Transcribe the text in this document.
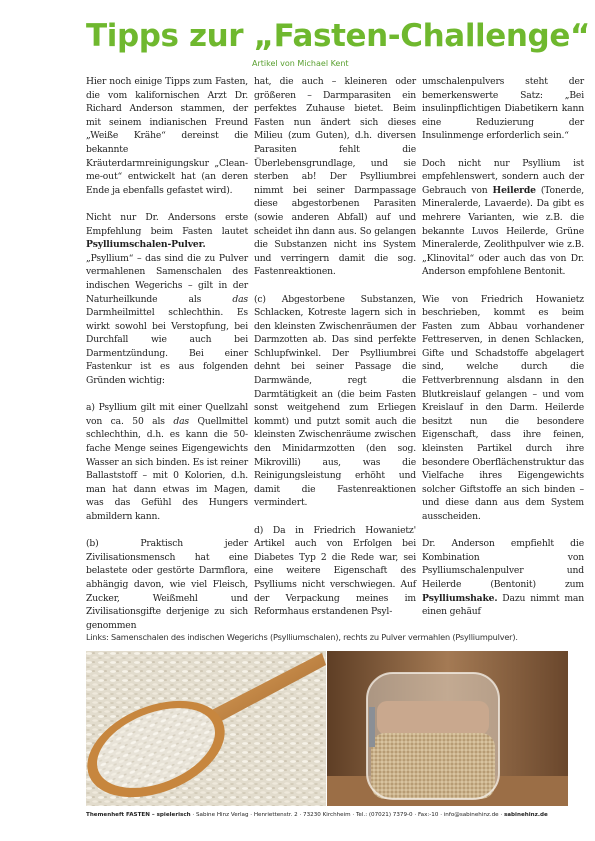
Tipps zur „Fasten-Challenge“
Artikel von Michael Kent

Hier noch einige Tipps zum Fasten, die vom kalifornischen Arzt Dr. Richard Anderson stammen, der mit seinem indianischen Freund „Weiße Krähe“ dereinst die bekannte Kräuterdarmreinigungskur „Clean-me-out“ entwickelt hat (an deren Ende ja ebenfalls gefastet wird).

Nicht nur Dr. Andersons erste Empfehlung beim Fasten lautet Psylliumschalen-Pulver. „Psyllium“ – das sind die zu Pulver vermahlenen Samenschalen des indischen Wegerichs – gilt in der Naturheilkunde als das Darmheilmittel schlechthin. Es wirkt sowohl bei Verstopfung, bei Durchfall wie auch bei Darmentzündung. Bei einer Fastenkur ist es aus folgenden Gründen wichtig:

a) Psyllium gilt mit einer Quellzahl von ca. 50 als das Quellmittel schlechthin, d.h. es kann die 50-fache Menge seines Eigengewichts Wasser an sich binden. Es ist reiner Ballaststoff – mit 0 Kolorien, d.h. man hat dann etwas im Magen, was das Gefühl des Hungers abmildern kann.

(b) Praktisch jeder Zivilisationsmensch hat eine belastete oder gestörte Darmflora, abhängig davon, wie viel Fleisch, Zucker, Weißmehl und Zivilisationsgifte derjenige zu sich genommen

hat, die auch – kleineren oder größeren – Darmparasiten ein perfektes Zuhause bietet. Beim Fasten nun ändert sich dieses Milieu (zum Guten), d.h. diversen Parasiten fehlt die Überlebensgrundlage, und sie sterben ab! Der Psylliumbrei nimmt bei seiner Darmpassage diese abgestorbenen Parasiten (sowie anderen Abfall) auf und scheidet ihn dann aus. So gelangen die Substanzen nicht ins System und verringern damit die sog. Fastenreaktionen.

(c) Abgestorbene Substanzen, Schlacken, Kotreste lagern sich in den kleinsten Zwischenräumen der Darmzotten ab. Das sind perfekte Schlupfwinkel. Der Psylliumbrei dehnt bei seiner Passage die Darmwände, regt die Darmtätigkeit an (die beim Fasten sonst weitgehend zum Erliegen kommt) und putzt somit auch die kleinsten Zwischenräume zwischen den Minidarmzotten (den sog. Mikrovilli) aus, was die Reinigungsleistung erhöht und damit die Fastenreaktionen vermindert.

d) Da in Friedrich Howanietz' Artikel auch von Erfolgen bei Diabetes Typ 2 die Rede war, sei eine weitere Eigenschaft des Psylliums nicht verschwiegen. Auf der Verpackung meines im Reformhaus erstandenen Psyl-

umschalenpulvers steht der bemerkenswerte Satz: „Bei insulinpflichtigen Diabetikern kann eine Reduzierung der Insulinmenge erforderlich sein.“

Doch nicht nur Psyllium ist empfehlenswert, sondern auch der Gebrauch von Heilerde (Tonerde, Mineralerde, Lavaerde). Da gibt es mehrere Varianten, wie z.B. die bekannte Luvos Heilerde, Grüne Mineralerde, Zeolithpulver wie z.B. „Klinovital“ oder auch das von Dr. Anderson empfohlene Bentonit.

Wie von Friedrich Howanietz beschrieben, kommt es beim Fasten zum Abbau vorhandener Fettreserven, in denen Schlacken, Gifte und Schadstoffe abgelagert sind, welche durch die Fettverbrennung alsdann in den Blutkreislauf gelangen – und vom Kreislauf in den Darm. Heilerde besitzt nun die besondere Eigenschaft, dass ihre feinen, kleinsten Partikel durch ihre besondere Oberflächenstruktur das Vielfache ihres Eigengewichts solcher Giftstoffe an sich binden – und diese dann aus dem System ausscheiden.

Dr. Anderson empfiehlt die Kombination von Psylliumschalenpulver und Heilerde (Bentonit) zum Psylliumshake. Dazu nimmt man einen gehäuf

Links: Samenschalen des indischen Wegerichs (Psylliumschalen), rechts zu Pulver vermahlen (Psylliumpulver).
Themenheft FASTEN – spielerisch · Sabine Hinz Verlag · Henriettenstr. 2 · 73230 Kirchheim · Tel.: (07021) 7379-0 · Fax:-10 · info@sabinehinz.de · sabinehinz.de
